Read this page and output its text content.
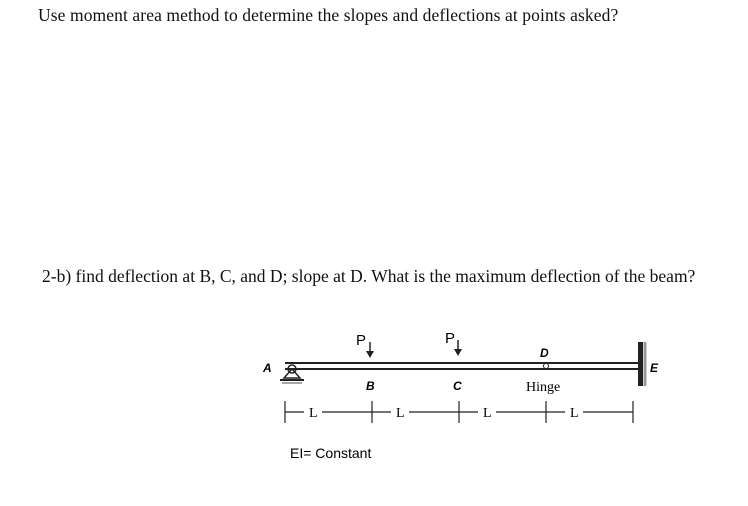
Use moment area method to determine the slopes and deflections at points asked?
2-b) find deflection at B, C, and D; slope at D. What is the maximum deflection of the beam?
P	P
A
B	C
D
E
Hinge
L	L	L	L
EI= Constant
